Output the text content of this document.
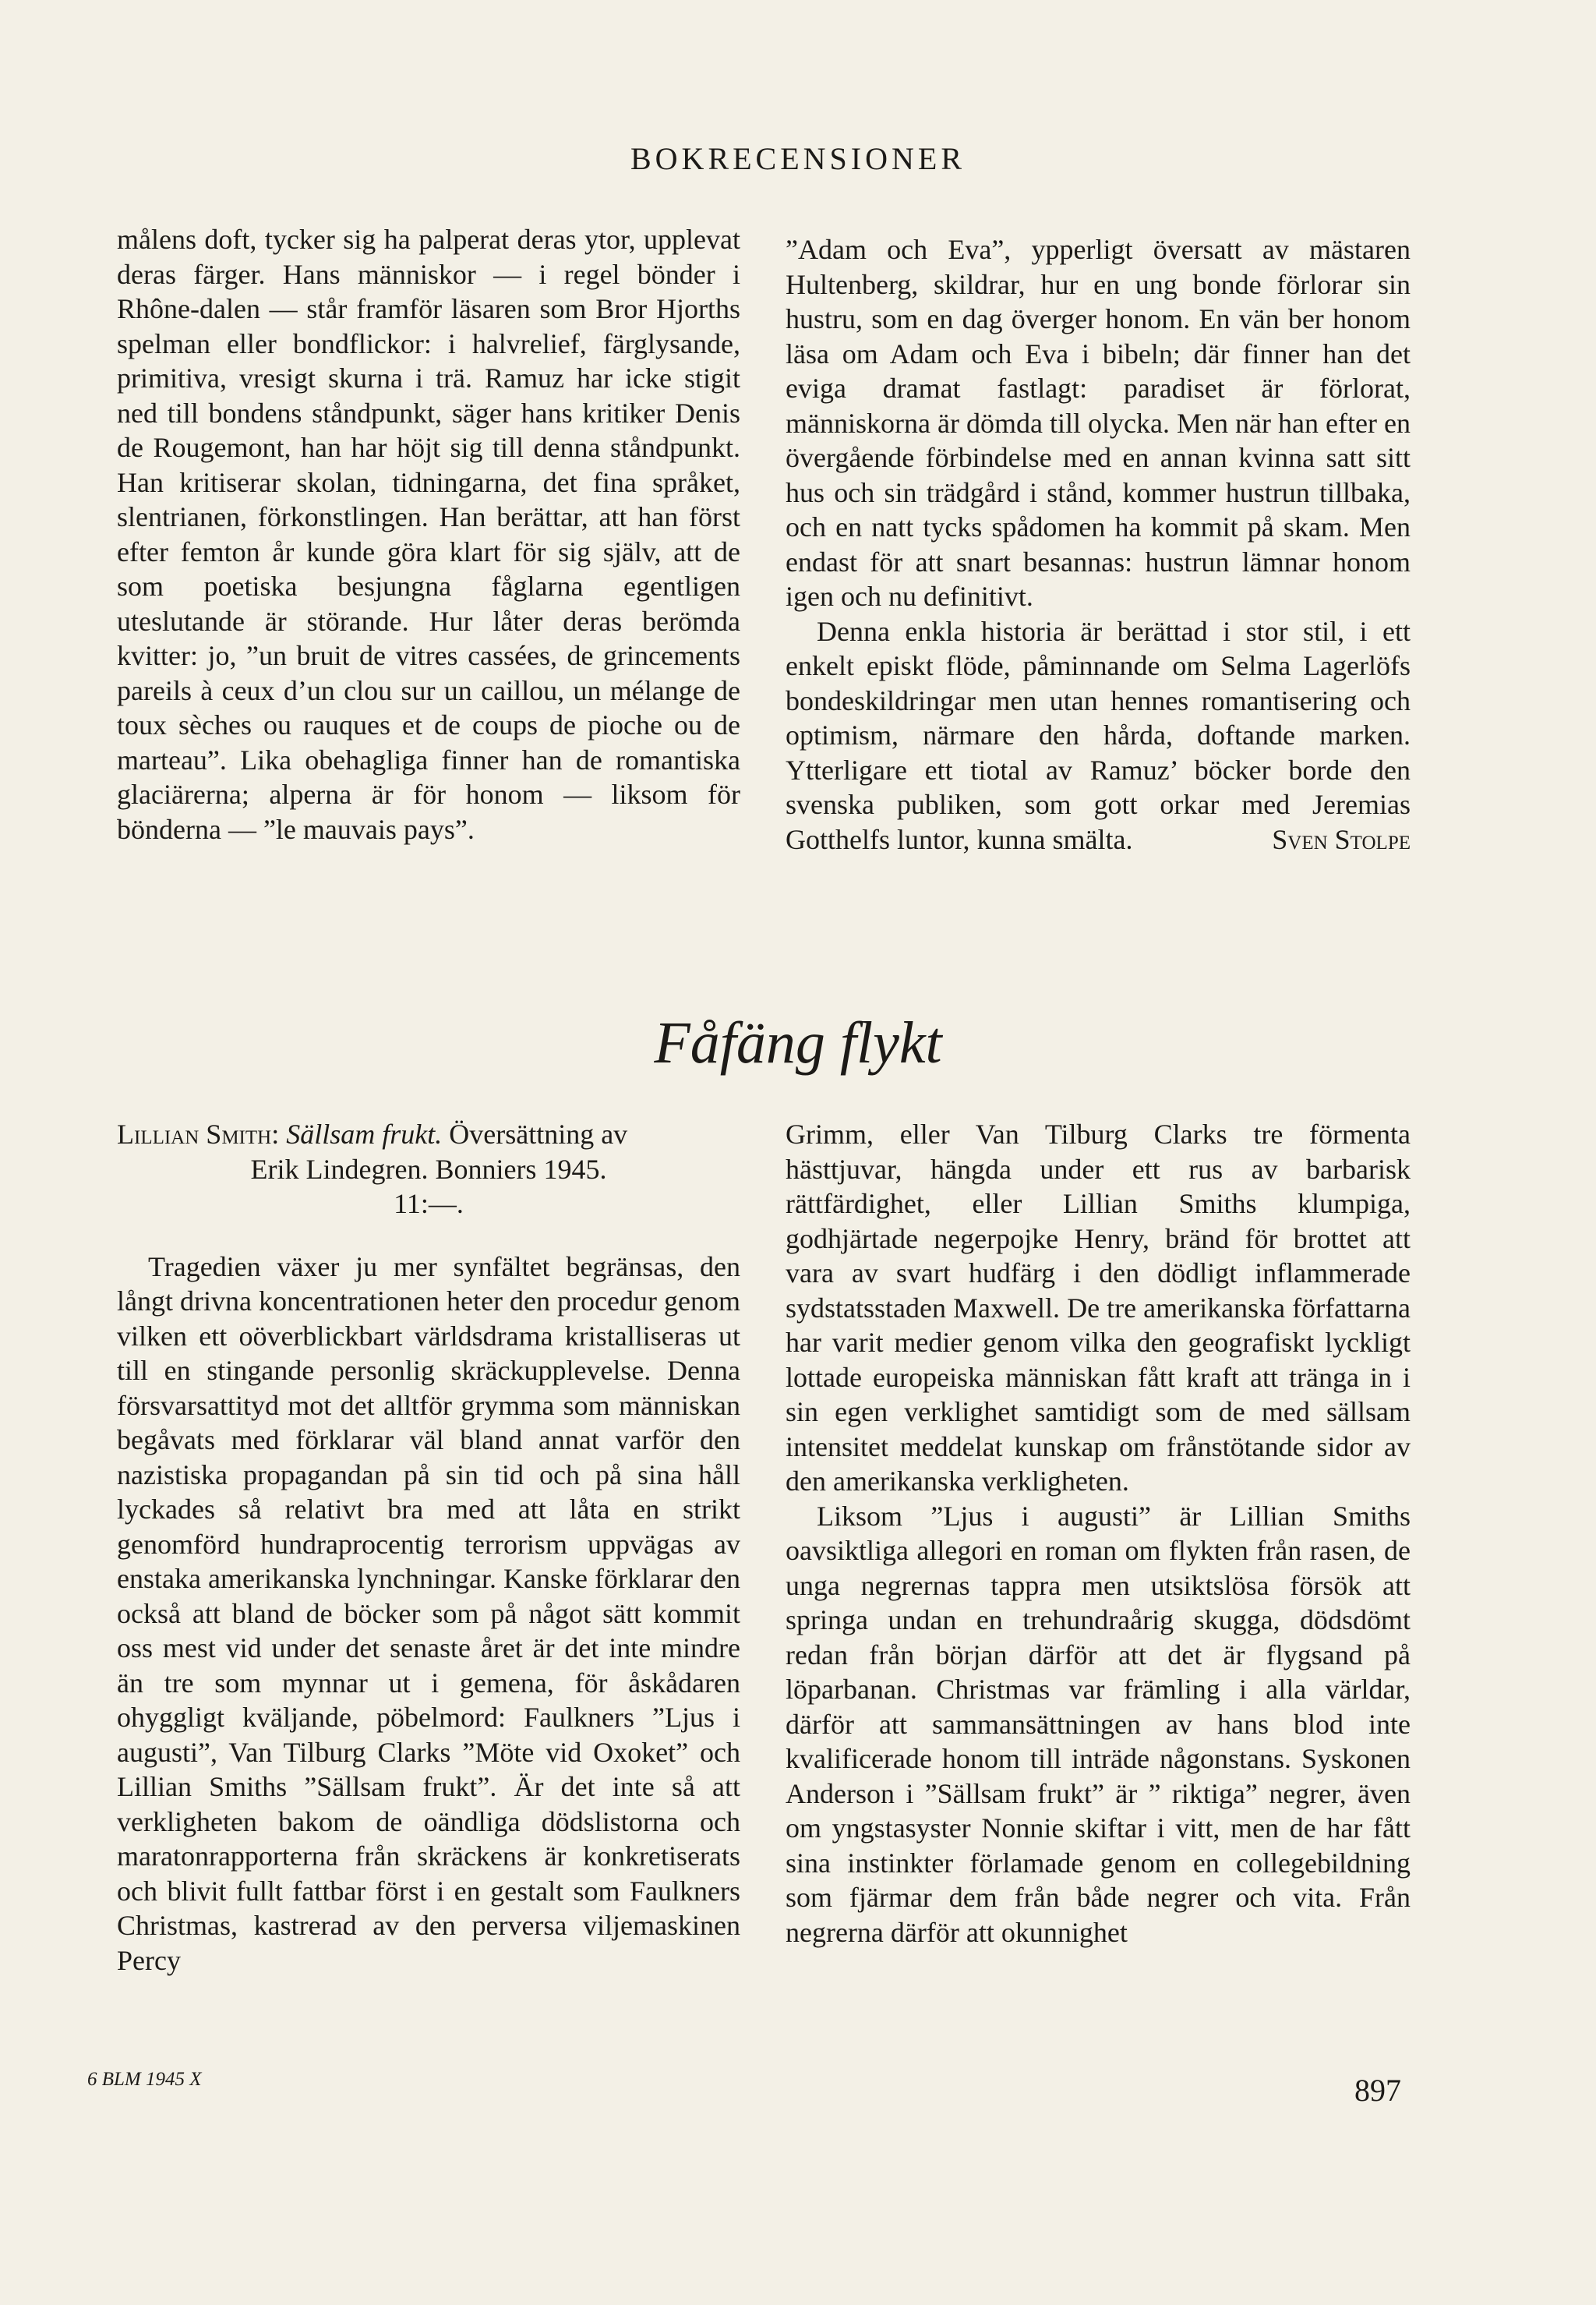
BOKRECENSIONER

målens doft, tycker sig ha palperat deras ytor, upplevat deras färger. Hans människor — i regel bönder i Rhône-dalen — står framför läsaren som Bror Hjorths spelman eller bondflickor: i halvrelief, färglysande, primitiva, vresigt skurna i trä. Ramuz har icke stigit ned till bondens ståndpunkt, säger hans kritiker Denis de Rougemont, han har höjt sig till denna ståndpunkt. Han kritiserar skolan, tidningarna, det fina språket, slentrianen, förkonstlingen. Han berättar, att han först efter femton år kunde göra klart för sig själv, att de som poetiska besjungna fåglarna egentligen uteslutande är störande. Hur låter deras berömda kvitter: jo, ”un bruit de vitres cassées, de grincements pareils à ceux d’un clou sur un caillou, un mélange de toux sèches ou rauques et de coups de pioche ou de marteau”. Lika obehagliga finner han de romantiska glaciärerna; alperna är för honom — liksom för bönderna — ”le mauvais pays”.

”Adam och Eva”, ypperligt översatt av mästaren Hultenberg, skildrar, hur en ung bonde förlorar sin hustru, som en dag överger honom. En vän ber honom läsa om Adam och Eva i bibeln; där finner han det eviga dramat fastlagt: paradiset är förlorat, människorna är dömda till olycka. Men när han efter en övergående förbindelse med en annan kvinna satt sitt hus och sin trädgård i stånd, kommer hustrun tillbaka, och en natt tycks spådomen ha kommit på skam. Men endast för att snart besannas: hustrun lämnar honom igen och nu definitivt.

Denna enkla historia är berättad i stor stil, i ett enkelt episkt flöde, påminnande om Selma Lagerlöfs bondeskildringar men utan hennes romantisering och optimism, närmare den hårda, doftande marken. Ytterligare ett tiotal av Ramuz’ böcker borde den svenska publiken, som gott orkar med Jeremias Gotthelfs luntor, kunna smälta.	Sven Stolpe
Fåfäng flykt
Lillian Smith: Sällsam frukt. Översättning av
Erik Lindegren. Bonniers 1945.
11:—.

Tragedien växer ju mer synfältet begränsas, den långt drivna koncentrationen heter den procedur genom vilken ett oöverblickbart världsdrama kristalliseras ut till en stingande personlig skräckupplevelse. Denna försvarsattityd mot det alltför grymma som människan begåvats med förklarar väl bland annat varför den nazistiska propagandan på sin tid och på sina håll lyckades så relativt bra med att låta en strikt genomförd hundraprocentig terrorism uppvägas av enstaka amerikanska lynchningar. Kanske förklarar den också att bland de böcker som på något sätt kommit oss mest vid under det senaste året är det inte mindre än tre som mynnar ut i gemena, för åskådaren ohyggligt kväljande, pöbelmord: Faulkners ”Ljus i augusti”, Van Tilburg Clarks ”Möte vid Oxoket” och Lillian Smiths ”Sällsam frukt”. Är det inte så att verkligheten bakom de oändliga dödslistorna och maratonrapporterna från skräckens är konkretiserats och blivit fullt fattbar först i en gestalt som Faulkners Christmas, kastrerad av den perversa viljemaskinen Percy

Grimm, eller Van Tilburg Clarks tre förmenta hästtjuvar, hängda under ett rus av barbarisk rättfärdighet, eller Lillian Smiths klumpiga, godhjärtade negerpojke Henry, bränd för brottet att vara av svart hudfärg i den dödligt inflammerade sydstatsstaden Maxwell. De tre amerikanska författarna har varit medier genom vilka den geografiskt lyckligt lottade europeiska människan fått kraft att tränga in i sin egen verklighet samtidigt som de med sällsam intensitet meddelat kunskap om frånstötande sidor av den amerikanska verkligheten.

Liksom ”Ljus i augusti” är Lillian Smiths oavsiktliga allegori en roman om flykten från rasen, de unga negrernas tappra men utsiktslösa försök att springa undan en trehundraårig skugga, dödsdömt redan från början därför att det är flygsand på löparbanan. Christmas var främling i alla världar, därför att sammansättningen av hans blod inte kvalificerade honom till inträde någonstans. Syskonen Anderson i ”Sällsam frukt” är ” riktiga” negrer, även om yngstasyster Nonnie skiftar i vitt, men de har fått sina instinkter förlamade genom en collegebildning som fjärmar dem från både negrer och vita. Från negrerna därför att okunnighet

6 BLM 1945 X	897
